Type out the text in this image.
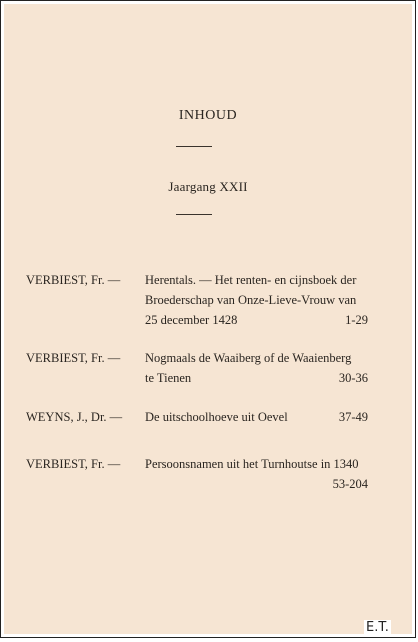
INHOUD
Jaargang XXII
VERBIEST, Fr. — Herentals. — Het renten- en cijnsboek der
Broederschap van Onze-Lieve-Vrouw van
25 december 1428	1-29
VERBIEST, Fr. — Nogmaals de Waaiberg of de Waaienberg
te Tienen	30-36
WEYNS, J., Dr. — De uitschoolhoeve uit Oevel	37-49
VERBIEST, Fr. — Persoonsnamen uit het Turnhoutse in 1340
53-204
E.T.
